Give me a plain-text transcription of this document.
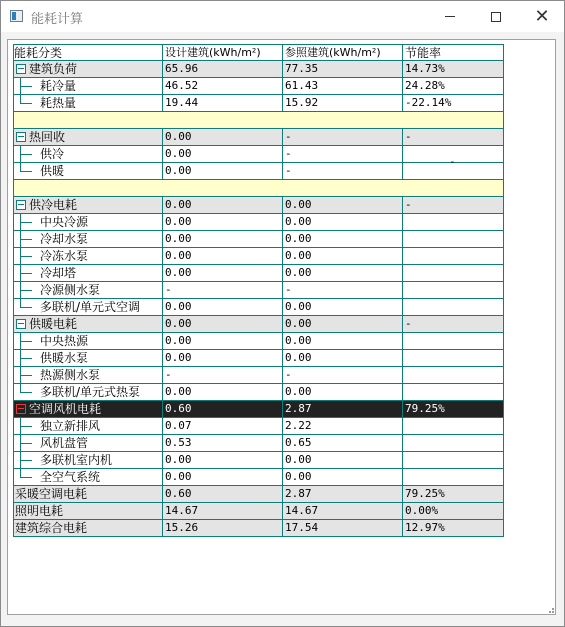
能耗计算	✕
能耗分类	设计建筑(kWh/m²)	参照建筑(kWh/m²)	节能率
建筑负荷	65.96	77.35	14.73%
耗冷量	46.52	61.43	24.28%
耗热量	19.44	15.92	-22.14%
热回收	0.00	-	-
供冷	0.00	-
-
供暖	0.00	-
供冷电耗	0.00	0.00	-
中央冷源	0.00	0.00
冷却水泵	0.00	0.00
冷冻水泵	0.00	0.00
冷却塔	0.00	0.00
冷源侧水泵	-	-
多联机/单元式空调 0.00	0.00
供暖电耗	0.00	0.00	-
中央热源	0.00	0.00
供暖水泵	0.00	0.00
热源侧水泵	-	-
多联机/单元式热泵 0.00	0.00
空调风机电耗	0.60	2.87	79.25%
独立新排风	0.07	2.22
风机盘管	0.53	0.65
多联机室内机	0.00	0.00
全空气系统	0.00	0.00
采暖空调电耗	0.60	2.87	79.25%
照明电耗	14.67	14.67	0.00%
建筑综合电耗	15.26	17.54	12.97%
